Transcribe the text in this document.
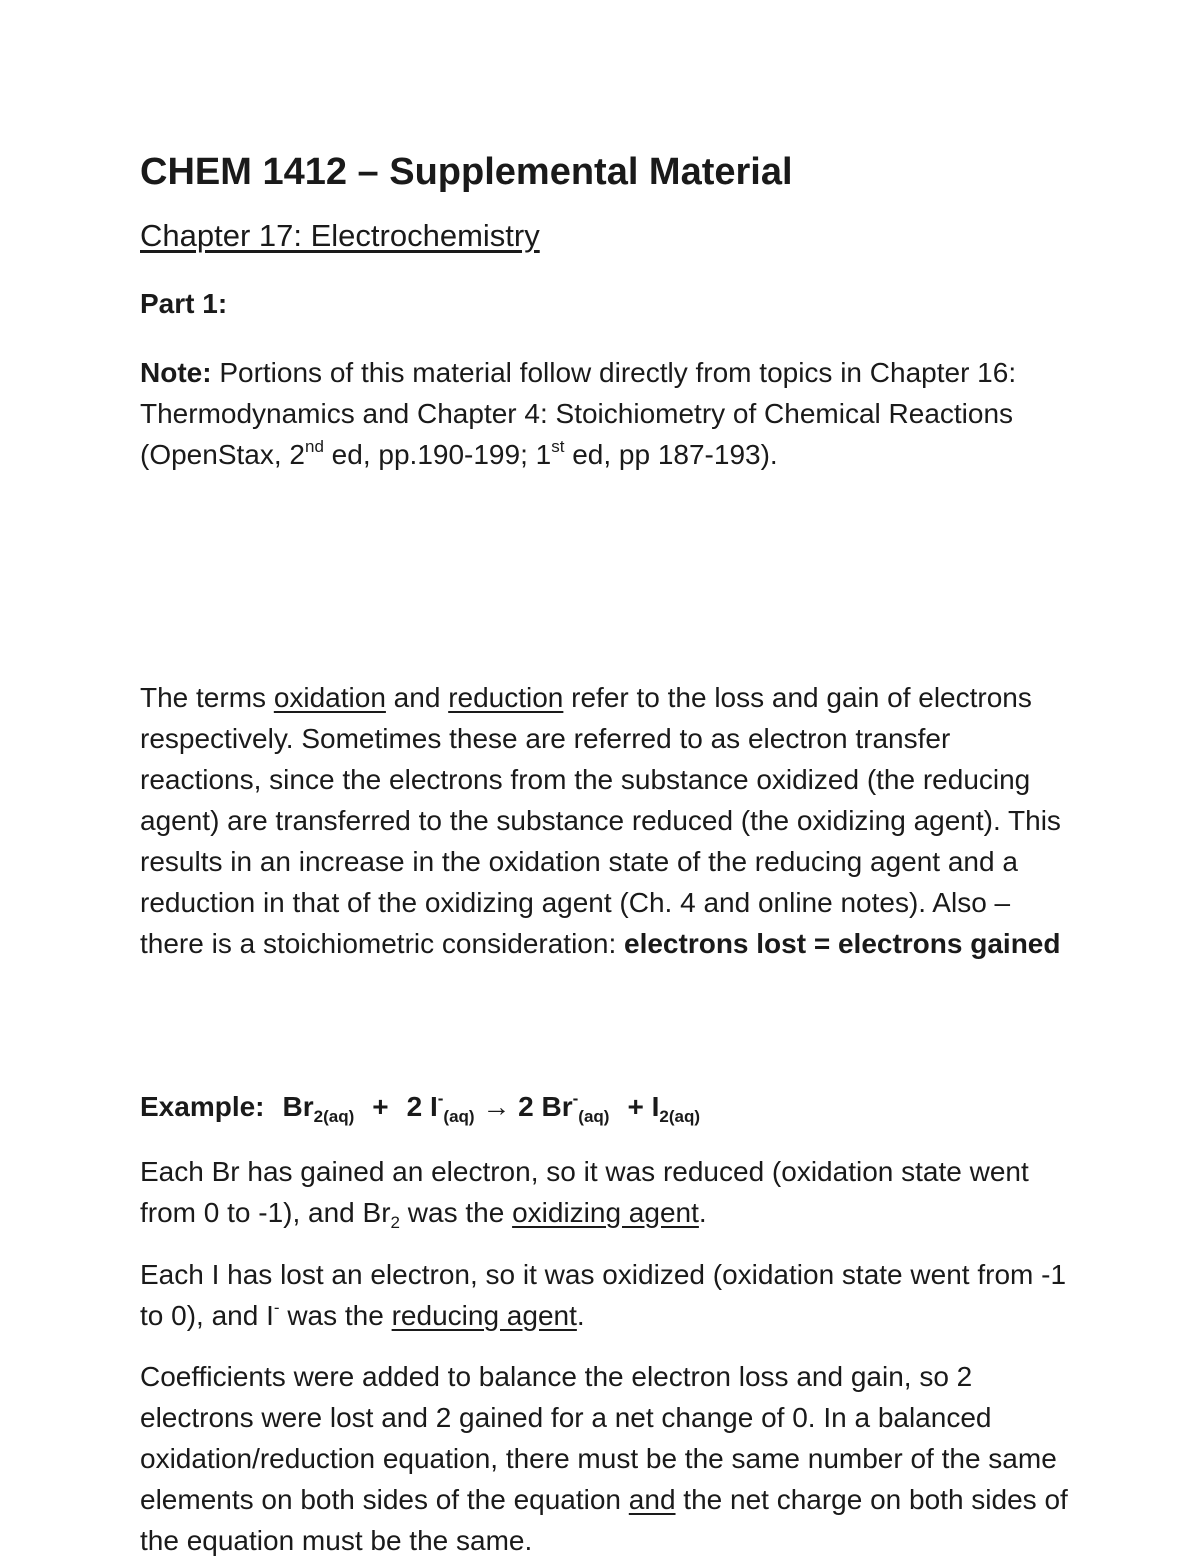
CHEM 1412 – Supplemental Material
Chapter 17: Electrochemistry
Part 1:

Note: Portions of this material follow directly from topics in Chapter 16: Thermodynamics and Chapter 4: Stoichiometry of Chemical Reactions (OpenStax, 2nd ed, pp.190-199; 1st ed, pp 187-193).

The terms oxidation and reduction refer to the loss and gain of electrons respectively. Sometimes these are referred to as electron transfer reactions, since the electrons from the substance oxidized (the reducing agent) are transferred to the substance reduced (the oxidizing agent). This results in an increase in the oxidation state of the reducing agent and a reduction in that of the oxidizing agent (Ch. 4 and online notes). Also – there is a stoichiometric consideration: electrons lost = electrons gained

Example: $Br_{2(aq)} + 2$ $I^-_{(aq)} \to 2$ $Br^-_{(aq)} + I_{2(aq)}$

Each Br has gained an electron, so it was reduced (oxidation state went from 0 to -1), and $Br_2$ was the oxidizing agent.

Each I has lost an electron, so it was oxidized (oxidation state went from -1 to 0), and I- was the reducing agent.

Coefficients were added to balance the electron loss and gain, so 2 electrons were lost and 2 gained for a net change of 0. In a balanced oxidation/reduction equation, there must be the same number of the same elements on both sides of the equation and the net charge on both sides of the equation must be the same.
